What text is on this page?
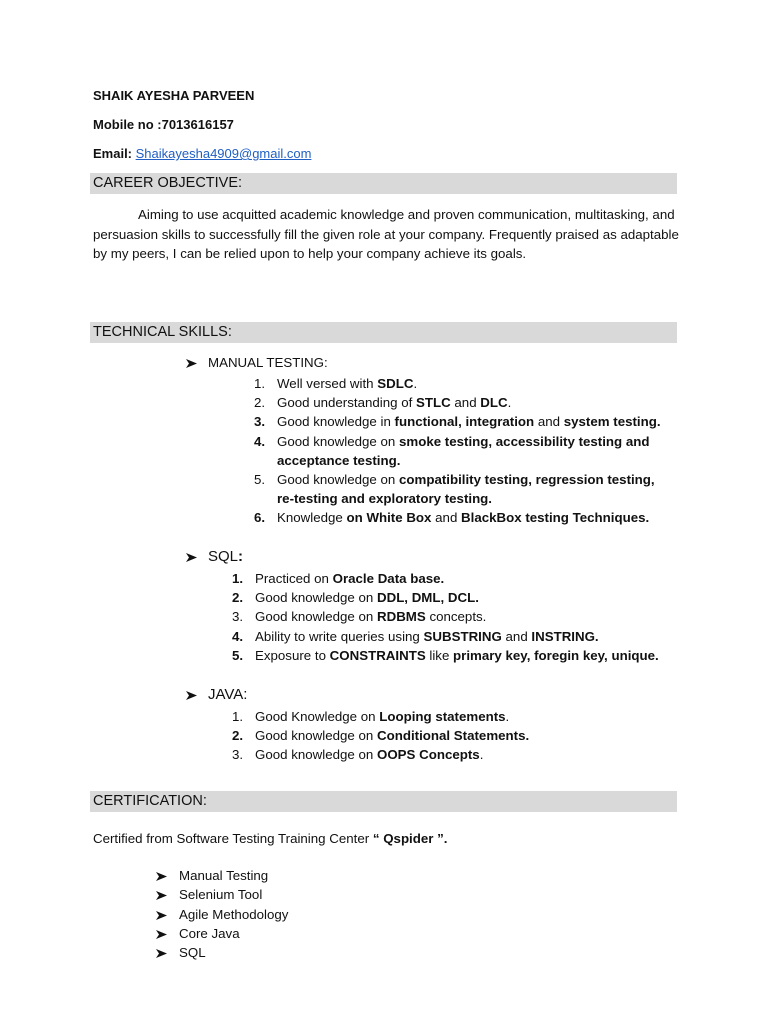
SHAIK AYESHA PARVEEN
Mobile no :7013616157
Email: Shaikayesha4909@gmail.com
CAREER OBJECTIVE:

Aiming to use acquitted academic knowledge and proven communication, multitasking, and persuasion skills to successfully fill the given role at your company. Frequently praised as adaptable by my peers, I can be relied upon to help your company achieve its goals.

TECHNICAL SKILLS:
MANUAL TESTING:
1. Well versed with SDLC.
2. Good understanding of STLC and DLC.
3. Good knowledge in functional, integration and system testing.
4. Good knowledge on smoke testing, accessibility testing and
acceptance testing.
5. Good knowledge on compatibility testing, regression testing,
re-testing and exploratory testing.
6. Knowledge on White Box and BlackBox testing Techniques.
SQL:
1. Practiced on Oracle Data base.
2. Good knowledge on DDL, DML, DCL.
3. Good knowledge on RDBMS concepts.
4. Ability to write queries using SUBSTRING and INSTRING.
5. Exposure to CONSTRAINTS like primary key, foregin key, unique.
JAVA:
1. Good Knowledge on Looping statements.
2. Good knowledge on Conditional Statements.
3. Good knowledge on OOPS Concepts.
CERTIFICATION:
Certified from Software Testing Training Center “ Qspider ”.
Manual Testing
Selenium Tool
Agile Methodology
Core Java
SQL
